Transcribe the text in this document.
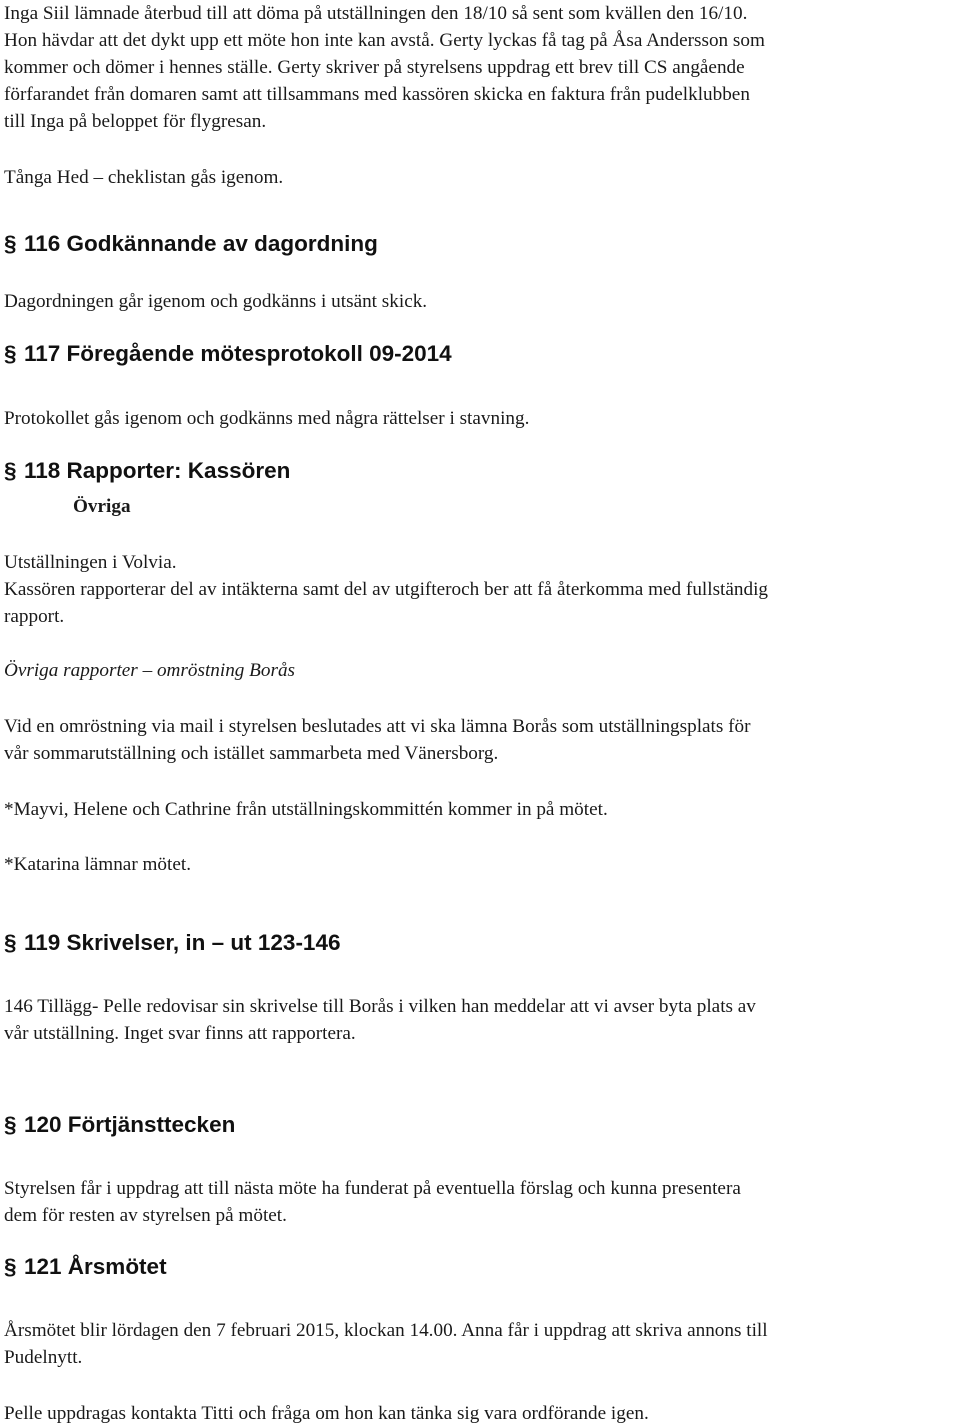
Inga Siil lämnade återbud till att döma på utställningen den 18/10 så sent som kvällen den 16/10.

Hon hävdar att det dykt upp ett möte hon inte kan avstå. Gerty lyckas få tag på Åsa Andersson som

kommer och dömer i hennes ställe. Gerty skriver på styrelsens uppdrag ett brev till CS angående

förfarandet från domaren samt att tillsammans med kassören skicka en faktura från pudelklubben

till Inga på beloppet för flygresan.

Tånga Hed – cheklistan gås igenom.

§ 116 Godkännande av dagordning

Dagordningen går igenom och godkänns i utsänt skick.

§ 117 Föregående mötesprotokoll 09-2014

Protokollet gås igenom och godkänns med några rättelser i stavning.

§ 118 Rapporter: Kassören

Övriga

Utställningen i Volvia.

Kassören rapporterar del av intäkterna samt del av utgifteroch ber att få återkomma med fullständig

rapport.

Övriga rapporter – omröstning Borås

Vid en omröstning via mail i styrelsen beslutades att vi ska lämna Borås som utställningsplats för

vår sommarutställning och istället sammarbeta med Vänersborg.

*Mayvi, Helene och Cathrine från utställningskommittén kommer in på mötet.

*Katarina lämnar mötet.

§ 119 Skrivelser, in – ut 123-146

146 Tillägg- Pelle redovisar sin skrivelse till Borås i vilken han meddelar att vi avser byta plats av

vår utställning. Inget svar finns att rapportera.

§ 120 Förtjänsttecken

Styrelsen får i uppdrag att till nästa möte ha funderat på eventuella förslag och kunna presentera

dem för resten av styrelsen på mötet.

§ 121 Årsmötet

Årsmötet blir lördagen den 7 februari 2015, klockan 14.00. Anna får i uppdrag att skriva annons till

Pudelnytt.

Pelle uppdragas kontakta Titti och fråga om hon kan tänka sig vara ordförande igen.
